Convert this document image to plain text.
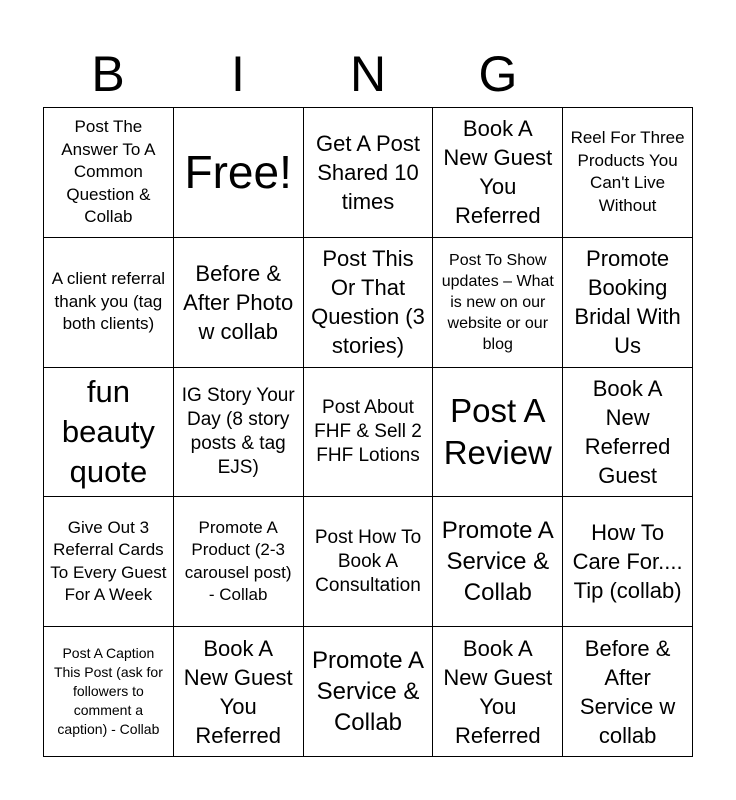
B	I	N	G
Post The Answer To A Common Question & Collab
Free!
Get A Post Shared 10 times
Book A New Guest You Referred
Reel For Three Products You Can't Live Without
A client referral thank you (tag both clients)
Before & After Photo w collab
Post This Or That Question (3 stories)
Post To Show updates – What is new on our website or our blog
Promote Booking Bridal With Us
fun beauty quote
IG Story Your Day (8 story posts & tag EJS)
Post About FHF & Sell 2 FHF Lotions
Post A Review
Book A New Referred Guest
Give Out 3 Referral Cards To Every Guest For A Week
Promote A Product (2-3 carousel post) - Collab
Post How To Book A Consultation
Promote A Service & Collab
How To Care For.... Tip (collab)
Post A Caption This Post (ask for followers to comment a caption) - Collab
Book A New Guest You Referred
Promote A Service & Collab
Book A New Guest You Referred
Before & After Service w collab
